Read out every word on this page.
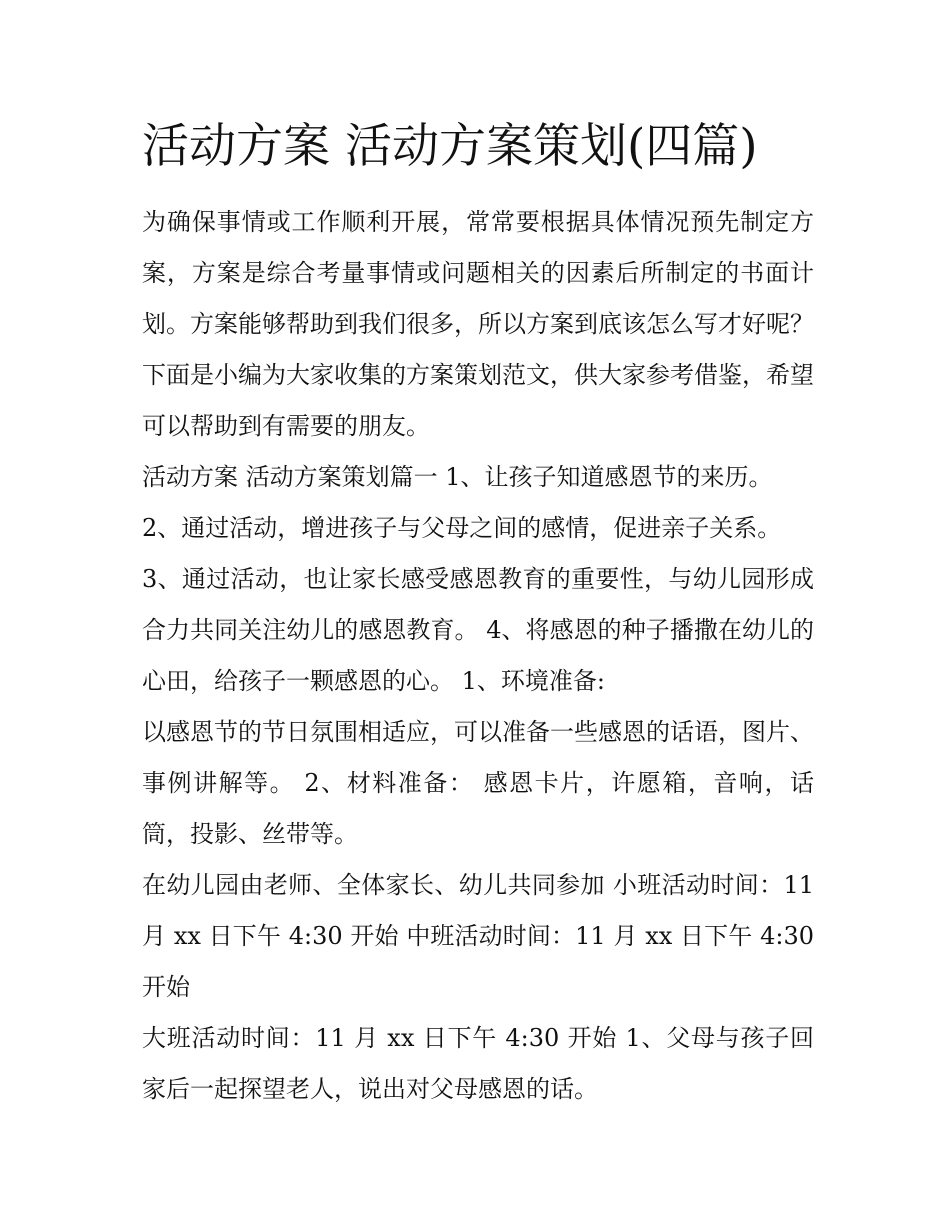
活动方案 活动方案策划(四篇)

为确保事情或工作顺利开展，常常要根据具体情况预先制定方案，方案是综合考量事情或问题相关的因素后所制定的书面计划。方案能够帮助到我们很多，所以方案到底该怎么写才好呢？下面是小编为大家收集的方案策划范文，供大家参考借鉴，希望可以帮助到有需要的朋友。

活动方案 活动方案策划篇一 1、让孩子知道感恩节的来历。

2、通过活动，增进孩子与父母之间的感情，促进亲子关系。

3、通过活动，也让家长感受感恩教育的重要性，与幼儿园形成合力共同关注幼儿的感恩教育。 4、将感恩的种子播撒在幼儿的心田，给孩子一颗感恩的心。 1、环境准备:

以感恩节的节日氛围相适应，可以准备一些感恩的话语，图片、事例讲解等。 2、材料准备： 感恩卡片，许愿箱，音响，话筒，投影、丝带等。

在幼儿园由老师、全体家长、幼儿共同参加 小班活动时间：11 月 xx 日下午 4:30 开始 中班活动时间：11 月 xx 日下午 4:30 开始

大班活动时间：11 月 xx 日下午 4:30 开始 1、父母与孩子回家后一起探望老人，说出对父母感恩的话。
